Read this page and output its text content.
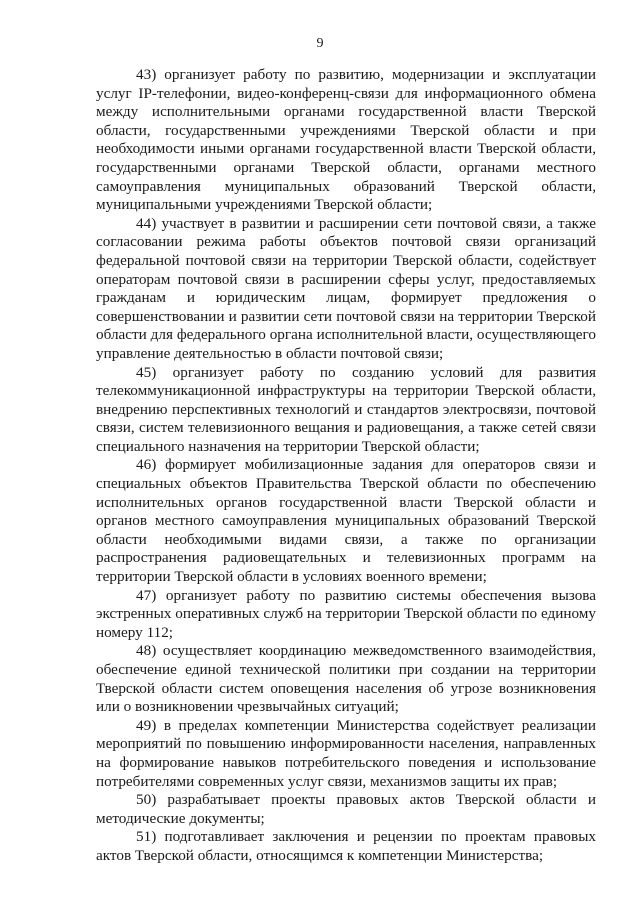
9

43) организует работу по развитию, модернизации и эксплуатации услуг IP-телефонии, видео-конференц-связи для информационного обмена между исполнительными органами государственной власти Тверской области, государственными учреждениями Тверской области и при необходимости иными органами государственной власти Тверской области, государственными органами Тверской области, органами местного самоуправления муниципальных образований Тверской области, муниципальными учреждениями Тверской области;

44) участвует в развитии и расширении сети почтовой связи, а также согласовании режима работы объектов почтовой связи организаций федеральной почтовой связи на территории Тверской области, содействует операторам почтовой связи в расширении сферы услуг, предоставляемых гражданам и юридическим лицам, формирует предложения о совершенствовании и развитии сети почтовой связи на территории Тверской области для федерального органа исполнительной власти, осуществляющего управление деятельностью в области почтовой связи;

45) организует работу по созданию условий для развития телекоммуникационной инфраструктуры на территории Тверской области, внедрению перспективных технологий и стандартов электросвязи, почтовой связи, систем телевизионного вещания и радиовещания, а также сетей связи специального назначения на территории Тверской области;

46) формирует мобилизационные задания для операторов связи и специальных объектов Правительства Тверской области по обеспечению исполнительных органов государственной власти Тверской области и органов местного самоуправления муниципальных образований Тверской области необходимыми видами связи, а также по организации распространения радиовещательных и телевизионных программ на территории Тверской области в условиях военного времени;

47) организует работу по развитию системы обеспечения вызова экстренных оперативных служб на территории Тверской области по единому номеру 112;

48) осуществляет координацию межведомственного взаимодействия, обеспечение единой технической политики при создании на территории Тверской области систем оповещения населения об угрозе возникновения или о возникновении чрезвычайных ситуаций;

49) в пределах компетенции Министерства содействует реализации мероприятий по повышению информированности населения, направленных на формирование навыков потребительского поведения и использование потребителями современных услуг связи, механизмов защиты их прав;

50) разрабатывает проекты правовых актов Тверской области и методические документы;

51) подготавливает заключения и рецензии по проектам правовых актов Тверской области, относящимся к компетенции Министерства;
